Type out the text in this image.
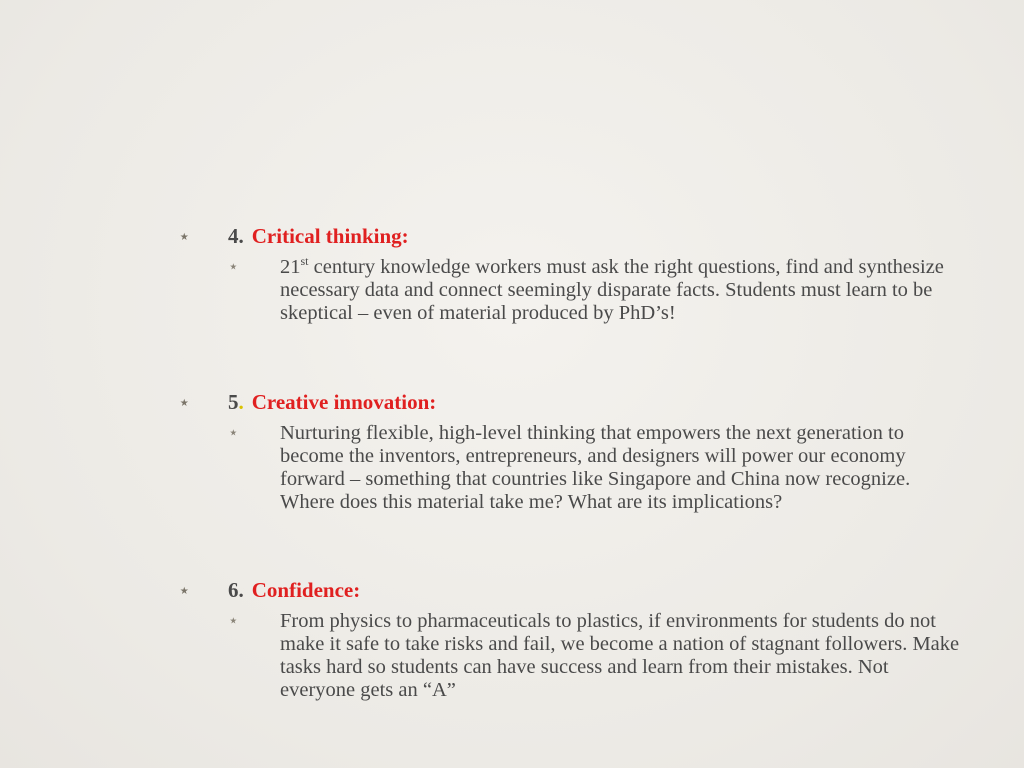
⋆	4. Critical thinking:
⋆	21st century knowledge workers must ask the right questions, find and synthesize necessary data and connect seemingly disparate facts. Students must learn to be skeptical – even of material produced by PhD’s!
⋆	5. Creative innovation:
⋆	Nurturing flexible, high-level thinking that empowers the next generation to become the inventors, entrepreneurs, and designers will power our economy forward – something that countries like Singapore and China now recognize. Where does this material take me? What are its implications?
⋆	6. Confidence:
⋆	From physics to pharmaceuticals to plastics, if environments for students do not make it safe to take risks and fail, we become a nation of stagnant followers. Make tasks hard so students can have success and learn from their mistakes. Not everyone gets an “A”
